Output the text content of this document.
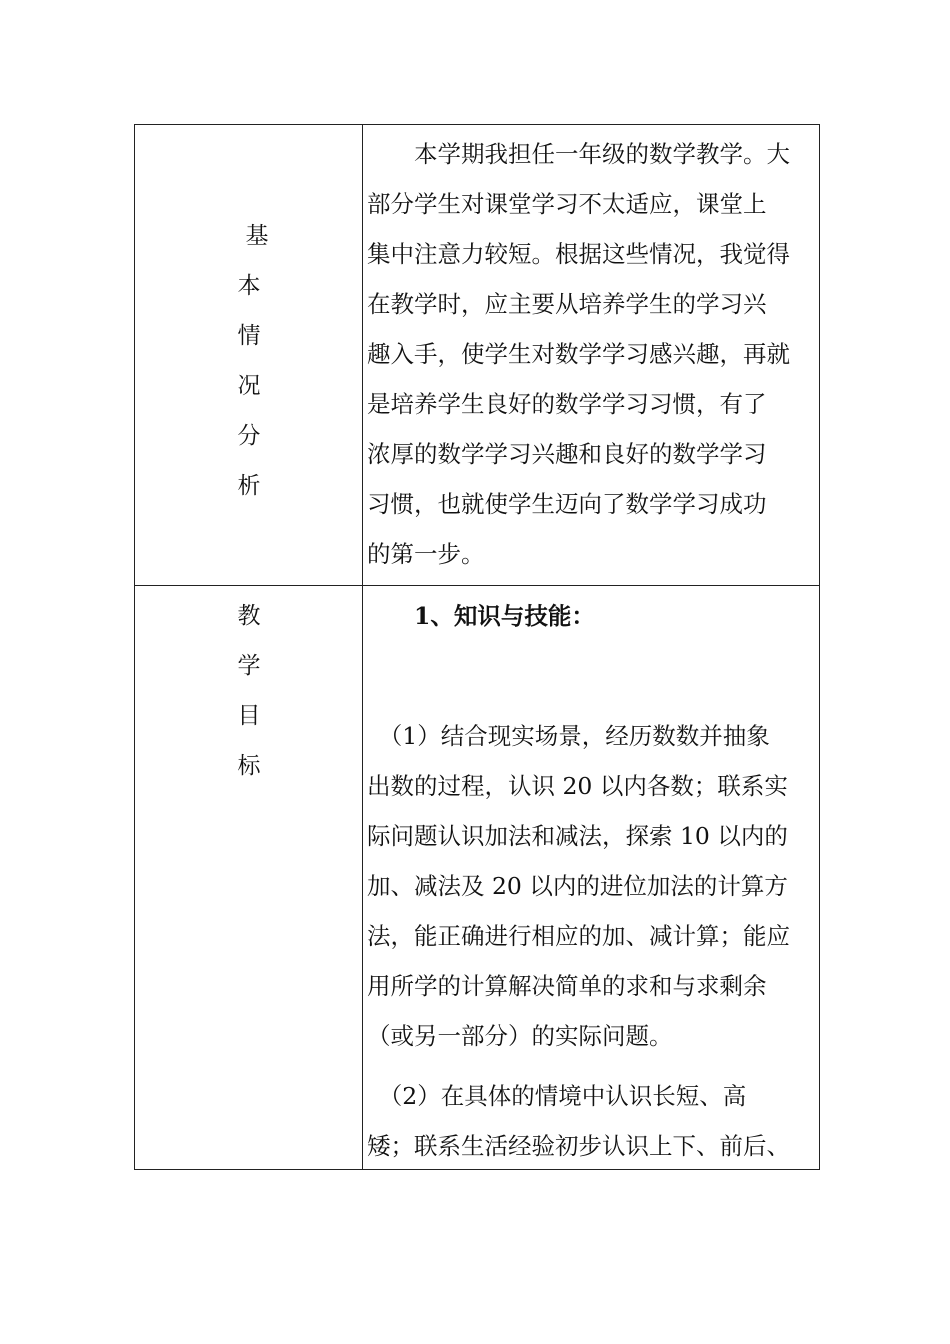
基
本
情
况
分
析
　　本学期我担任一年级的数学教学。大
部分学生对课堂学习不太适应，课堂上
集中注意力较短。根据这些情况，我觉得
在教学时，应主要从培养学生的学习兴
趣入手，使学生对数学学习感兴趣，再就
是培养学生良好的数学学习习惯，有了
浓厚的数学学习兴趣和良好的数学学习
习惯，也就使学生迈向了数学学习成功
的第一步。
教
学
目
标
　　1、知识与技能：
　（1）结合现实场景，经历数数并抽象
出数的过程，认识 20 以内各数；联系实
际问题认识加法和减法，探索 10 以内的
加、减法及 20 以内的进位加法的计算方
法，能正确进行相应的加、减计算；能应
用所学的计算解决简单的求和与求剩余
（或另一部分）的实际问题。
　（2）在具体的情境中认识长短、高
矮；联系生活经验初步认识上下、前后、
